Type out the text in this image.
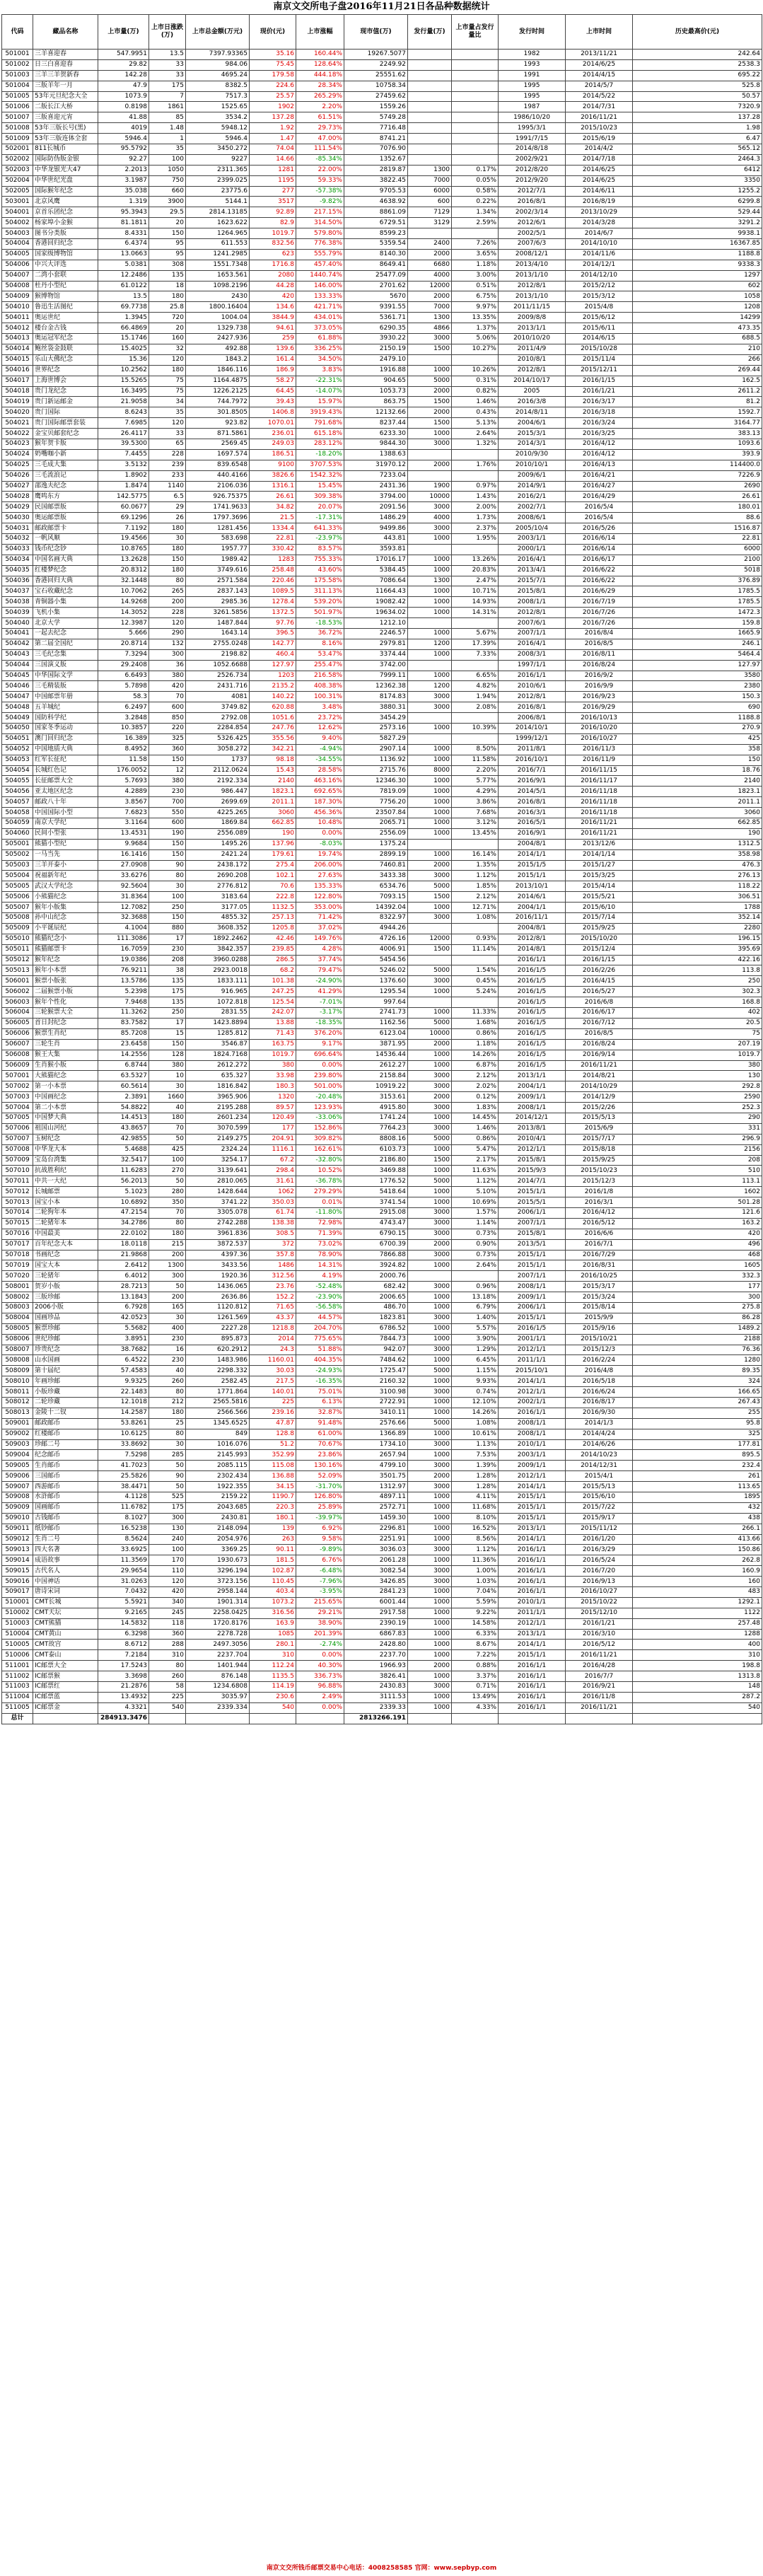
南京文交所电子盘2016年11月21日各品种数据统计
代码	藏品名称	上市量(万)	上市日涨跌(万)	上市总金额(万元)	现价(元)	上市涨幅	现市值(万)	发行量(万)	上市量占发行量比	发行时间	上市时间	历史最高价(元)
501001	三羊喜迎春	547.9951	13.5	7397.93365	35.16	160.44%	19267.5077			1982	2013/11/21	242.64
501002	日三白喜迎春	29.82	33	984.06	75.45	128.64%	2249.92			1993	2014/6/25	2538.3
501003	三羊三羊贺新春	142.28	33	4695.24	179.58	444.18%	25551.62			1991	2014/4/15	695.22
501004	三版羊年一月	47.9	175	8382.5	224.6	28.34%	10758.34			1995	2014/5/7	525.8
501005	53年元旦纪念大全	1073.9	7	7517.3	25.57	265.29%	27459.62			1995	2014/5/22	50.57
501006	二版长江大桥	0.8198	1861	1525.65	1902	2.20%	1559.26			1987	2014/7/31	7320.9
501007	三版喜迎元宵	41.88	85	3534.2	137.28	61.51%	5749.28			1986/10/20	2016/11/21	137.28
501008	53年三版长号(黑)	4019	1.48	5948.12	1.92	29.73%	7716.48			1995/3/1	2015/10/23	1.98
501009	53年三版连体全套	5946.4	1	5946.4	1.47	47.00%	8741.21			1991/7/15	2015/6/19	6.47
502001	811长城币	95.5792	35	3450.272	74.04	111.54%	7076.90			2014/8/18	2014/4/2	565.12
502002	国际防伪版金银	92.27	100	9227	14.66	-85.34%	1352.67			2002/9/21	2014/7/18	2464.3
502003	中华龙银光大47	2.2013	1050	2311.365	1281	22.00%	2819.87	1300	0.17%	2012/8/20	2014/6/25	6412
502004	中华世纪光盘	3.1987	750	2399.025	1195	59.33%	3822.45	7000	0.05%	2012/9/20	2014/6/25	3350
502005	国际猴年纪念	35.038	660	23775.6	277	-57.38%	9705.53	6000	0.58%	2012/7/1	2014/6/11	1255.2
503001	北京风鹰	1.319	3900	5144.1	3517	-9.82%	4638.92	600	0.22%	2016/8/1	2016/8/19	6299.8
504001	京首乐团纪念	95.3943	29.5	2814.13185	92.89	217.15%	8861.09	7129	1.34%	2002/3/14	2013/10/29	529.44
504002	杨家埠小金猴	81.1811	20	1623.622	82.9	314.50%	6729.51	3129	2.59%	2012/6/1	2014/3/28	3291.2
504003	图书分类版	8.4331	150	1264.965	1019.7	579.80%	8599.23			2002/5/1	2014/6/7	9938.1
504004	香港回归纪念	6.4374	95	611.553	832.56	776.38%	5359.54	2400	7.26%	2007/6/3	2014/10/10	16367.85
504005	国家级博物馆	13.0663	95	1241.2985	623	555.79%	8140.30	2000	3.65%	2008/12/1	2014/11/6	1188.8
504006	中兴大评选	5.0381	308	1551.7348	1716.8	457.40%	8649.41	6680	1.18%	2013/4/10	2014/12/1	9338.3
504007	二湾小套联	12.2486	135	1653.561	2080	1440.74%	25477.09	4000	3.00%	2013/1/10	2014/12/10	1297
504008	杜丹小型纪	61.0122	18	1098.2196	44.28	146.00%	2701.62	12000	0.51%	2012/8/1	2015/2/12	602
504009	猴博物馆	13.5	180	2430	420	133.33%	5670	2000	6.75%	2013/1/10	2015/3/12	1058
504010	鲁迅生活图纪	69.7738	25.8	1800.16404	134.6	421.71%	9391.55	7000	9.97%	2011/11/15	2015/4/8	1208
504011	奥运世纪	1.3945	720	1004.04	3844.9	434.01%	5361.71	1300	13.35%	2009/8/8	2015/6/12	14299
504012	楼台金古钱	66.4869	20	1329.738	94.61	373.05%	6290.35	4866	1.37%	2013/1/1	2015/6/11	473.35
504013	奥运冠军纪念	15.1746	160	2427.936	259	61.88%	3930.22	3000	5.06%	2010/10/20	2014/6/15	688.5
504014	鲍丝袋金鼓联	15.4025	32	492.88	139.6	336.25%	2150.19	1500	10.27%	2011/4/9	2015/10/28	210
504015	乐山大佛纪念	15.36	120	1843.2	161.4	34.50%	2479.10			2010/8/1	2015/11/4	266
504016	世界纪念	10.2562	180	1846.116	186.9	3.83%	1916.88	1000	10.26%	2012/8/1	2015/12/11	269.44
504017	上海世博会	15.5265	75	1164.4875	58.27	-22.31%	904.65	5000	0.31%	2014/10/17	2016/1/15	162.5
504018	贵门龙纪念	16.3495	75	1226.2125	64.45	-14.07%	1053.73	2000	0.82%	2005	2016/1/21	2611.2
504019	贵门新运邮金	21.9058	34	744.7972	39.43	15.97%	863.75	1500	1.46%	2016/3/8	2016/3/17	81.2
504020	贵门国际	8.6243	35	301.8505	1406.8	3919.43%	12132.66	2000	0.43%	2014/8/11	2016/3/18	1592.7
504021	贵门国际邮票套装	7.6985	120	923.82	1070.01	791.68%	8237.44	1500	5.13%	2004/6/1	2016/3/24	3164.77
504022	金宝贝邮套纪念	26.4117	33	871.5861	236.01	615.18%	6233.30	1000	2.64%	2015/3/1	2016/3/25	383.13
504023	猴年贺卡版	39.5300	65	2569.45	249.03	283.12%	9844.30	3000	1.32%	2014/3/1	2016/4/12	1093.6
504024	奶嘴咖小新	7.4455	228	1697.574	186.51	-18.20%	1388.63			2010/9/30	2016/4/12	393.9
504025	三毛成大集	3.5132	239	839.6548	9100	3707.53%	31970.12	2000	1.76%	2010/10/1	2016/4/13	114400.0
504026	三毛流浪记	1.8902	233	440.4166	3826.6	1542.32%	7233.04			2009/6/1	2016/4/21	7226.9
504027	邵逸夫纪念	1.8474	1140	2106.036	1316.1	15.45%	2431.36	1900	0.97%	2014/9/1	2016/4/27	2690
504028	鹰鸣东方	142.5775	6.5	926.75375	26.61	309.38%	3794.00	10000	1.43%	2016/2/1	2016/4/29	26.61
504029	民国邮票版	60.0677	29	1741.9633	34.82	20.07%	2091.56	3000	2.00%	2002/7/1	2016/5/4	180.01
504030	奥运邮票版	69.1296	26	1797.3696	21.5	-17.31%	1486.29	4000	1.73%	2008/6/1	2016/5/4	88.6
504031	邮政邮票卡	7.1192	180	1281.456	1334.4	641.33%	9499.86	3000	2.37%	2005/10/4	2016/5/26	1516.87
504032	一帆风顺	19.4566	30	583.698	22.81	-23.97%	443.81	1000	1.95%	2003/1/1	2016/6/14	22.81
504033	钱币纪念钞	10.8765	180	1957.77	330.42	83.57%	3593.81			2000/1/1	2016/6/14	6000
504034	中国名画大典	13.2628	150	1989.42	1283	755.33%	17016.17	1000	13.26%	2016/4/1	2016/6/17	2100
504035	红楼梦纪念	20.8312	180	3749.616	258.48	43.60%	5384.45	1000	20.83%	2013/4/1	2016/6/22	5018
504036	香港回归大典	32.1448	80	2571.584	220.46	175.58%	7086.64	1300	2.47%	2015/7/1	2016/6/22	376.89
504037	宝石收藏纪念	10.7062	265	2837.143	1089.5	311.13%	11664.43	1000	10.71%	2015/8/1	2016/6/29	1785.5
504038	青铜器小集	14.9268	200	2985.36	1278.4	539.20%	19082.42	1000	14.93%	2008/1/1	2016/7/19	1785.5
504039	飞机小集	14.3052	228	3261.5856	1372.5	501.97%	19634.02	1000	14.31%	2012/8/1	2016/7/26	1472.3
504040	北京大学	12.3987	120	1487.844	97.76	-18.53%	1212.10			2007/6/1	2016/7/26	159.8
504041	一起去纪念	5.666	290	1643.14	396.5	36.72%	2246.57	1000	5.67%	2007/1/1	2016/8/4	1665.9
504042	第二届全国纪	20.8714	132	2755.0248	142.77	8.16%	2979.81	1200	17.39%	2016/4/1	2016/8/5	246.1
504043	三毛纪念集	7.3294	300	2198.82	460.4	53.47%	3374.44	1000	7.33%	2008/3/1	2016/8/11	5464.4
504044	三国演义版	29.2408	36	1052.6688	127.97	255.47%	3742.00			1997/1/1	2016/8/24	127.97
504045	中华国际文学	6.6493	380	2526.734	1203	216.58%	7999.11	1000	6.65%	2016/1/1	2016/9/2	3580
504046	三毛精装版	5.7898	420	2431.716	2135.2	408.38%	12362.38	1200	4.82%	2010/6/1	2016/9/9	2380
504047	中国邮票年册	58.3	70	4081	140.22	100.31%	8174.83	3000	1.94%	2012/8/1	2016/9/23	150.3
504048	五羊城纪	6.2497	600	3749.82	620.88	3.48%	3880.31	3000	2.08%	2016/8/1	2016/9/29	690
504049	国防科学纪	3.2848	850	2792.08	1051.6	23.72%	3454.29			2006/8/1	2016/10/13	1188.8
504050	国家冬季运动	10.3857	220	2284.854	247.76	12.62%	2573.16	1000	10.39%	2014/10/1	2016/10/20	270.9
504051	澳门回归纪念	16.389	325	5326.425	355.56	9.40%	5827.29			1999/12/1	2016/10/27	425
504052	中国地质大典	8.4952	360	3058.272	342.21	-4.94%	2907.14	1000	8.50%	2011/8/1	2016/11/3	358
504053	红军长征纪	11.58	150	1737	98.18	-34.55%	1136.92	1000	11.58%	2016/10/1	2016/11/9	150
504054	长城红色记	176.0052	12	2112.0624	15.43	28.58%	2715.76	8000	2.20%	2016/7/1	2016/11/15	18.76
504055	长征邮票大全	5.7693	380	2192.334	2140	463.16%	12346.30	1000	5.77%	2016/9/1	2016/11/17	2140
504056	亚太地区纪念	4.2889	230	986.447	1823.1	692.65%	7819.09	1000	4.29%	2014/5/1	2016/11/18	1823.1
504057	邮政八十年	3.8567	700	2699.69	2011.1	187.30%	7756.20	1000	3.86%	2016/8/1	2016/11/18	2011.1
504058	中国国际小型	7.6823	550	4225.265	3060	456.36%	23507.84	1000	7.68%	2016/3/1	2016/11/18	3060
504059	南京大学纪	3.1164	600	1869.84	662.85	10.48%	2065.71	1000	3.12%	2016/5/1	2016/11/21	662.85
504060	民间小型张	13.4531	190	2556.089	190	0.00%	2556.09	1000	13.45%	2016/9/1	2016/11/21	190
505001	熊猫小型纪	9.9684	150	1495.26	137.96	-8.03%	1375.24			2004/8/1	2013/12/6	1312.5
505002	一马当先	16.1416	150	2421.24	179.61	19.74%	2899.19	1000	16.14%	2014/1/1	2014/1/14	358.98
505003	三羊开泰小	27.0908	90	2438.172	275.4	206.00%	7460.81	2000	1.35%	2015/1/5	2015/1/27	476.3
505004	祝福新年纪	33.6276	80	2690.208	102.1	27.63%	3433.38	3000	1.12%	2015/1/1	2015/3/25	276.13
505005	武汉大学纪念	92.5604	30	2776.812	70.6	135.33%	6534.76	5000	1.85%	2013/10/1	2015/4/14	118.22
505006	小熊猫纪念	31.8364	100	3183.64	222.8	122.80%	7093.15	1500	2.12%	2014/6/1	2015/5/21	306.51
505007	猴年小版集	12.7082	250	3177.05	1132.5	353.00%	14392.04	1000	12.71%	2004/1/1	2015/6/10	1788
505008	孙中山纪念	32.3688	150	4855.32	257.13	71.42%	8322.97	3000	1.08%	2016/11/1	2015/7/14	352.14
505009	小平诞辰纪	4.1004	880	3608.352	1205.8	37.02%	4944.26			2004/8/1	2015/9/25	2280
505010	熊猫纪念小	111.3086	17	1892.2462	42.46	149.76%	4726.16	12000	0.93%	2012/8/1	2015/10/20	196.15
505011	熊猫邮票卡	16.7059	230	3842.357	239.85	4.28%	4006.91	1500	11.14%	2014/8/1	2015/12/4	395.69
505012	猴年纪念	19.0386	208	3960.0288	286.5	37.74%	5454.56			2016/1/1	2016/1/15	422.16
505013	猴年小本票	76.9211	38	2923.0018	68.2	79.47%	5246.02	5000	1.54%	2016/1/5	2016/2/26	113.8
506001	猴票小版张	13.5786	135	1833.111	101.38	-24.90%	1376.60	3000	0.45%	2016/1/5	2016/4/15	250
506002	二届猴票小版	5.2398	175	916.965	247.25	41.29%	1295.54	1000	5.24%	2016/1/5	2016/5/27	302.3
506003	猴年个性化	7.9468	135	1072.818	125.54	-7.01%	997.64			2016/1/5	2016/6/8	168.8
506004	三轮猴票大全	11.3262	250	2831.55	242.07	-3.17%	2741.73	1000	11.33%	2016/1/5	2016/6/17	402
506005	首日封纪念	83.7582	17	1423.8894	13.88	-18.35%	1162.56	5000	1.68%	2016/1/5	2016/7/12	20.5
506006	猴票生肖纪	85.7208	15	1285.812	71.43	376.20%	6123.04	10000	0.86%	2016/1/5	2016/8/5	75
506007	三轮生肖	23.6458	150	3546.87	163.75	9.17%	3871.95	2000	1.18%	2016/1/5	2016/8/24	207.19
506008	猴王大集	14.2556	128	1824.7168	1019.7	696.64%	14536.44	1000	14.26%	2016/1/5	2016/9/14	1019.7
506009	生肖猴小版	6.8744	380	2612.272	380	0.00%	2612.27	1000	6.87%	2016/1/5	2016/11/21	380
507001	大熊猫纪念	63.5327	10	635.327	33.98	239.80%	2158.84	3000	2.12%	2013/1/1	2014/8/21	130
507002	第一小本票	60.5614	30	1816.842	180.3	501.00%	10919.22	3000	2.02%	2004/1/1	2014/10/29	292.8
507003	中国画纪念	2.3891	1660	3965.906	1320	-20.48%	3153.61	2000	0.12%	2009/1/1	2014/12/9	2590
507004	第二小本票	54.8822	40	2195.288	89.57	123.93%	4915.80	3000	1.83%	2008/1/1	2015/2/26	252.3
507005	中国梦大典	14.4513	180	2601.234	120.49	-33.06%	1741.24	1000	14.45%	2014/12/1	2015/5/13	290
507006	祖国山河纪	43.8657	70	3070.599	177	152.86%	7764.23	3000	1.46%	2013/8/1	2015/6/9	331
507007	玉树纪念	42.9855	50	2149.275	204.91	309.82%	8808.16	5000	0.86%	2010/4/1	2015/7/17	296.9
507008	中华龙大本	5.4688	425	2324.24	1116.1	162.61%	6103.73	1000	5.47%	2012/1/1	2015/8/18	2156
507009	宝岛台湾集	32.5417	100	3254.17	67.2	-32.80%	2186.80	1500	2.17%	2015/8/1	2015/9/25	208
507010	抗战胜利纪	11.6283	270	3139.641	298.4	10.52%	3469.88	1000	11.63%	2015/9/3	2015/10/23	510
507011	中共一大纪	56.2013	50	2810.065	31.61	-36.78%	1776.52	5000	1.12%	2014/7/1	2015/12/3	113.1
507012	长城邮票	5.1023	280	1428.644	1062	279.29%	5418.64	1000	5.10%	2015/1/1	2016/1/8	1602
507013	国宝小本	10.6892	350	3741.22	350.03	0.01%	3741.54	1000	10.69%	2015/5/1	2016/3/1	501.28
507014	二轮狗年本	47.2154	70	3305.078	61.74	-11.80%	2915.08	3000	1.57%	2006/1/1	2016/4/12	121.6
507015	二轮猪年本	34.2786	80	2742.288	138.38	72.98%	4743.47	3000	1.14%	2007/1/1	2016/5/12	163.2
507016	中国最美	22.0102	180	3961.836	308.5	71.39%	6790.15	3000	0.73%	2015/8/1	2016/6/6	420
507017	百年纪念大本	18.0118	215	3872.537	372	73.02%	6700.39	2000	0.90%	2013/5/1	2016/7/1	496
507018	书画纪念	21.9868	200	4397.36	357.8	78.90%	7866.88	3000	0.73%	2015/1/1	2016/7/29	468
507019	国宝大本	2.6412	1300	3433.56	1486	14.31%	3924.82	1000	2.64%	2015/1/1	2016/8/31	1605
507020	三轮猪年	6.4012	300	1920.36	312.56	4.19%	2000.76			2007/1/1	2016/10/25	332.3
508001	贺岁小版	28.7213	50	1436.065	23.76	-52.48%	682.42	3000	0.96%	2008/1/1	2015/3/17	177
508002	三版珍邮	13.1843	200	2636.86	152.2	-23.90%	2006.65	1000	13.18%	2009/1/1	2015/3/24	300
508003	2006小版	6.7928	165	1120.812	71.65	-56.58%	486.70	1000	6.79%	2006/1/1	2015/8/14	275.8
508004	国画珍品	42.0523	30	1261.569	43.37	44.57%	1823.81	3000	1.40%	2015/1/1	2015/9/9	86.28
508005	猴票珍邮	5.5682	400	2227.28	1218.8	204.70%	6786.52	1000	5.57%	2016/1/5	2015/9/16	1489.2
508006	世纪珍邮	3.8951	230	895.873	2014	775.65%	7844.73	1000	3.90%	2001/1/1	2015/10/21	2188
508007	珍贵纪念	38.7682	16	620.2912	24.3	51.88%	942.07	3000	1.29%	2012/1/1	2015/12/3	76.36
508008	山水国画	6.4522	230	1483.986	1160.01	404.35%	7484.62	1000	6.45%	2011/1/1	2016/2/24	1280
508009	第十届纪	57.4583	40	2298.332	30.03	-24.93%	1725.47	5000	1.15%	2015/10/1	2016/4/8	89.35
508010	年画珍邮	9.9325	260	2582.45	217.5	-16.35%	2160.32	1000	9.93%	2014/1/1	2016/5/18	324
508011	小版珍藏	22.1483	80	1771.864	140.01	75.01%	3100.98	3000	0.74%	2012/1/1	2016/6/24	166.65
508012	二轮珍藏	12.1018	212	2565.5816	225	6.13%	2722.91	1000	12.10%	2002/1/1	2016/8/17	267.43
508013	金陵十二钗	14.2587	180	2566.566	239.16	32.87%	3410.11	1000	14.26%	2016/1/1	2016/9/30	255
509001	邮政邮币	53.8261	25	1345.6525	47.87	91.48%	2576.66	5000	1.08%	2008/1/1	2014/1/3	95.8
509002	红楼邮币	10.6125	80	849	128.8	61.00%	1366.89	1000	10.61%	2008/1/1	2014/4/24	325
509003	珍邮二号	33.8692	30	1016.076	51.2	70.67%	1734.10	3000	1.13%	2010/1/1	2014/6/26	177.81
509004	纪念邮币	7.5298	285	2145.993	352.99	23.86%	2657.94	1000	7.53%	2003/1/1	2014/10/23	895.5
509005	生肖邮币	41.7023	50	2085.115	115.08	130.16%	4799.10	3000	1.39%	2009/1/1	2014/12/31	232.4
509006	三国邮币	25.5826	90	2302.434	136.88	52.09%	3501.75	2000	1.28%	2012/1/1	2015/4/1	261
509007	西游邮币	38.4471	50	1922.355	34.15	-31.70%	1312.97	3000	1.28%	2014/1/1	2015/5/13	113.65
509008	水浒邮币	4.1128	525	2159.22	1190.7	126.80%	4897.11	1000	4.11%	2015/1/1	2015/6/10	1895
509009	国画邮币	11.6782	175	2043.685	220.3	25.89%	2572.71	1000	11.68%	2015/1/1	2015/7/22	432
509010	古钱邮币	8.1027	300	2430.81	180.1	-39.97%	1459.30	1000	8.10%	2015/1/1	2015/9/17	438
509011	纸钞邮币	16.5238	130	2148.094	139	6.92%	2296.81	1000	16.52%	2013/1/1	2015/11/12	266.1
509012	生肖二号	8.5624	240	2054.976	263	9.58%	2251.91	1000	8.56%	2014/1/1	2016/1/20	413.66
509013	四大名著	33.6925	100	3369.25	90.11	-9.89%	3036.03	3000	1.12%	2016/1/1	2016/3/29	150.86
509014	成语故事	11.3569	170	1930.673	181.5	6.76%	2061.28	1000	11.36%	2016/1/1	2016/5/24	262.8
509015	古代名人	29.9654	110	3296.194	102.87	-6.48%	3082.54	3000	1.00%	2016/1/1	2016/7/20	160.9
509016	中国神话	31.0263	120	3723.156	110.45	-7.96%	3426.85	3000	1.03%	2016/1/1	2016/9/13	160
509017	唐诗宋词	7.0432	420	2958.144	403.4	-3.95%	2841.23	1000	7.04%	2016/1/1	2016/10/27	483
510001	CMT长城	5.5921	340	1901.314	1073.2	215.65%	6001.44	1000	5.59%	2010/1/1	2015/10/22	1292.1
510002	CMT天坛	9.2165	245	2258.0425	316.56	29.21%	2917.58	1000	9.22%	2011/1/1	2015/12/10	1122
510003	CMT熊猫	14.5832	118	1720.8176	163.9	38.90%	2390.19	1000	14.58%	2012/1/1	2016/1/21	257.48
510004	CMT黄山	6.3298	360	2278.728	1085	201.39%	6867.83	1000	6.33%	2013/1/1	2016/3/10	1288
510005	CMT故宫	8.6712	288	2497.3056	280.1	-2.74%	2428.80	1000	8.67%	2014/1/1	2016/5/12	400
510006	CMT泰山	7.2184	310	2237.704	310	0.00%	2237.70	1000	7.22%	2015/1/1	2016/11/21	310
511001	IC邮票大全	17.5243	80	1401.944	112.24	40.30%	1966.93	2000	0.88%	2016/1/1	2016/4/28	198.8
511002	IC邮票猴	3.3698	260	876.148	1135.5	336.73%	3826.41	1000	3.37%	2016/1/1	2016/7/7	1313.8
511003	IC邮票红	21.2876	58	1234.6808	114.19	96.88%	2430.83	3000	0.71%	2016/1/1	2016/9/21	148
511004	IC邮票蓝	13.4932	225	3035.97	230.6	2.49%	3111.53	1000	13.49%	2016/1/1	2016/11/8	287.2
511005	IC邮票金	4.3321	540	2339.334	540	0.00%	2339.33	1000	4.33%	2016/1/1	2016/11/21	540
总计		284913.3476					2813266.191					
南京文交所钱币邮票交易中心电话：4008258585 官网：www.sepbyp.com
